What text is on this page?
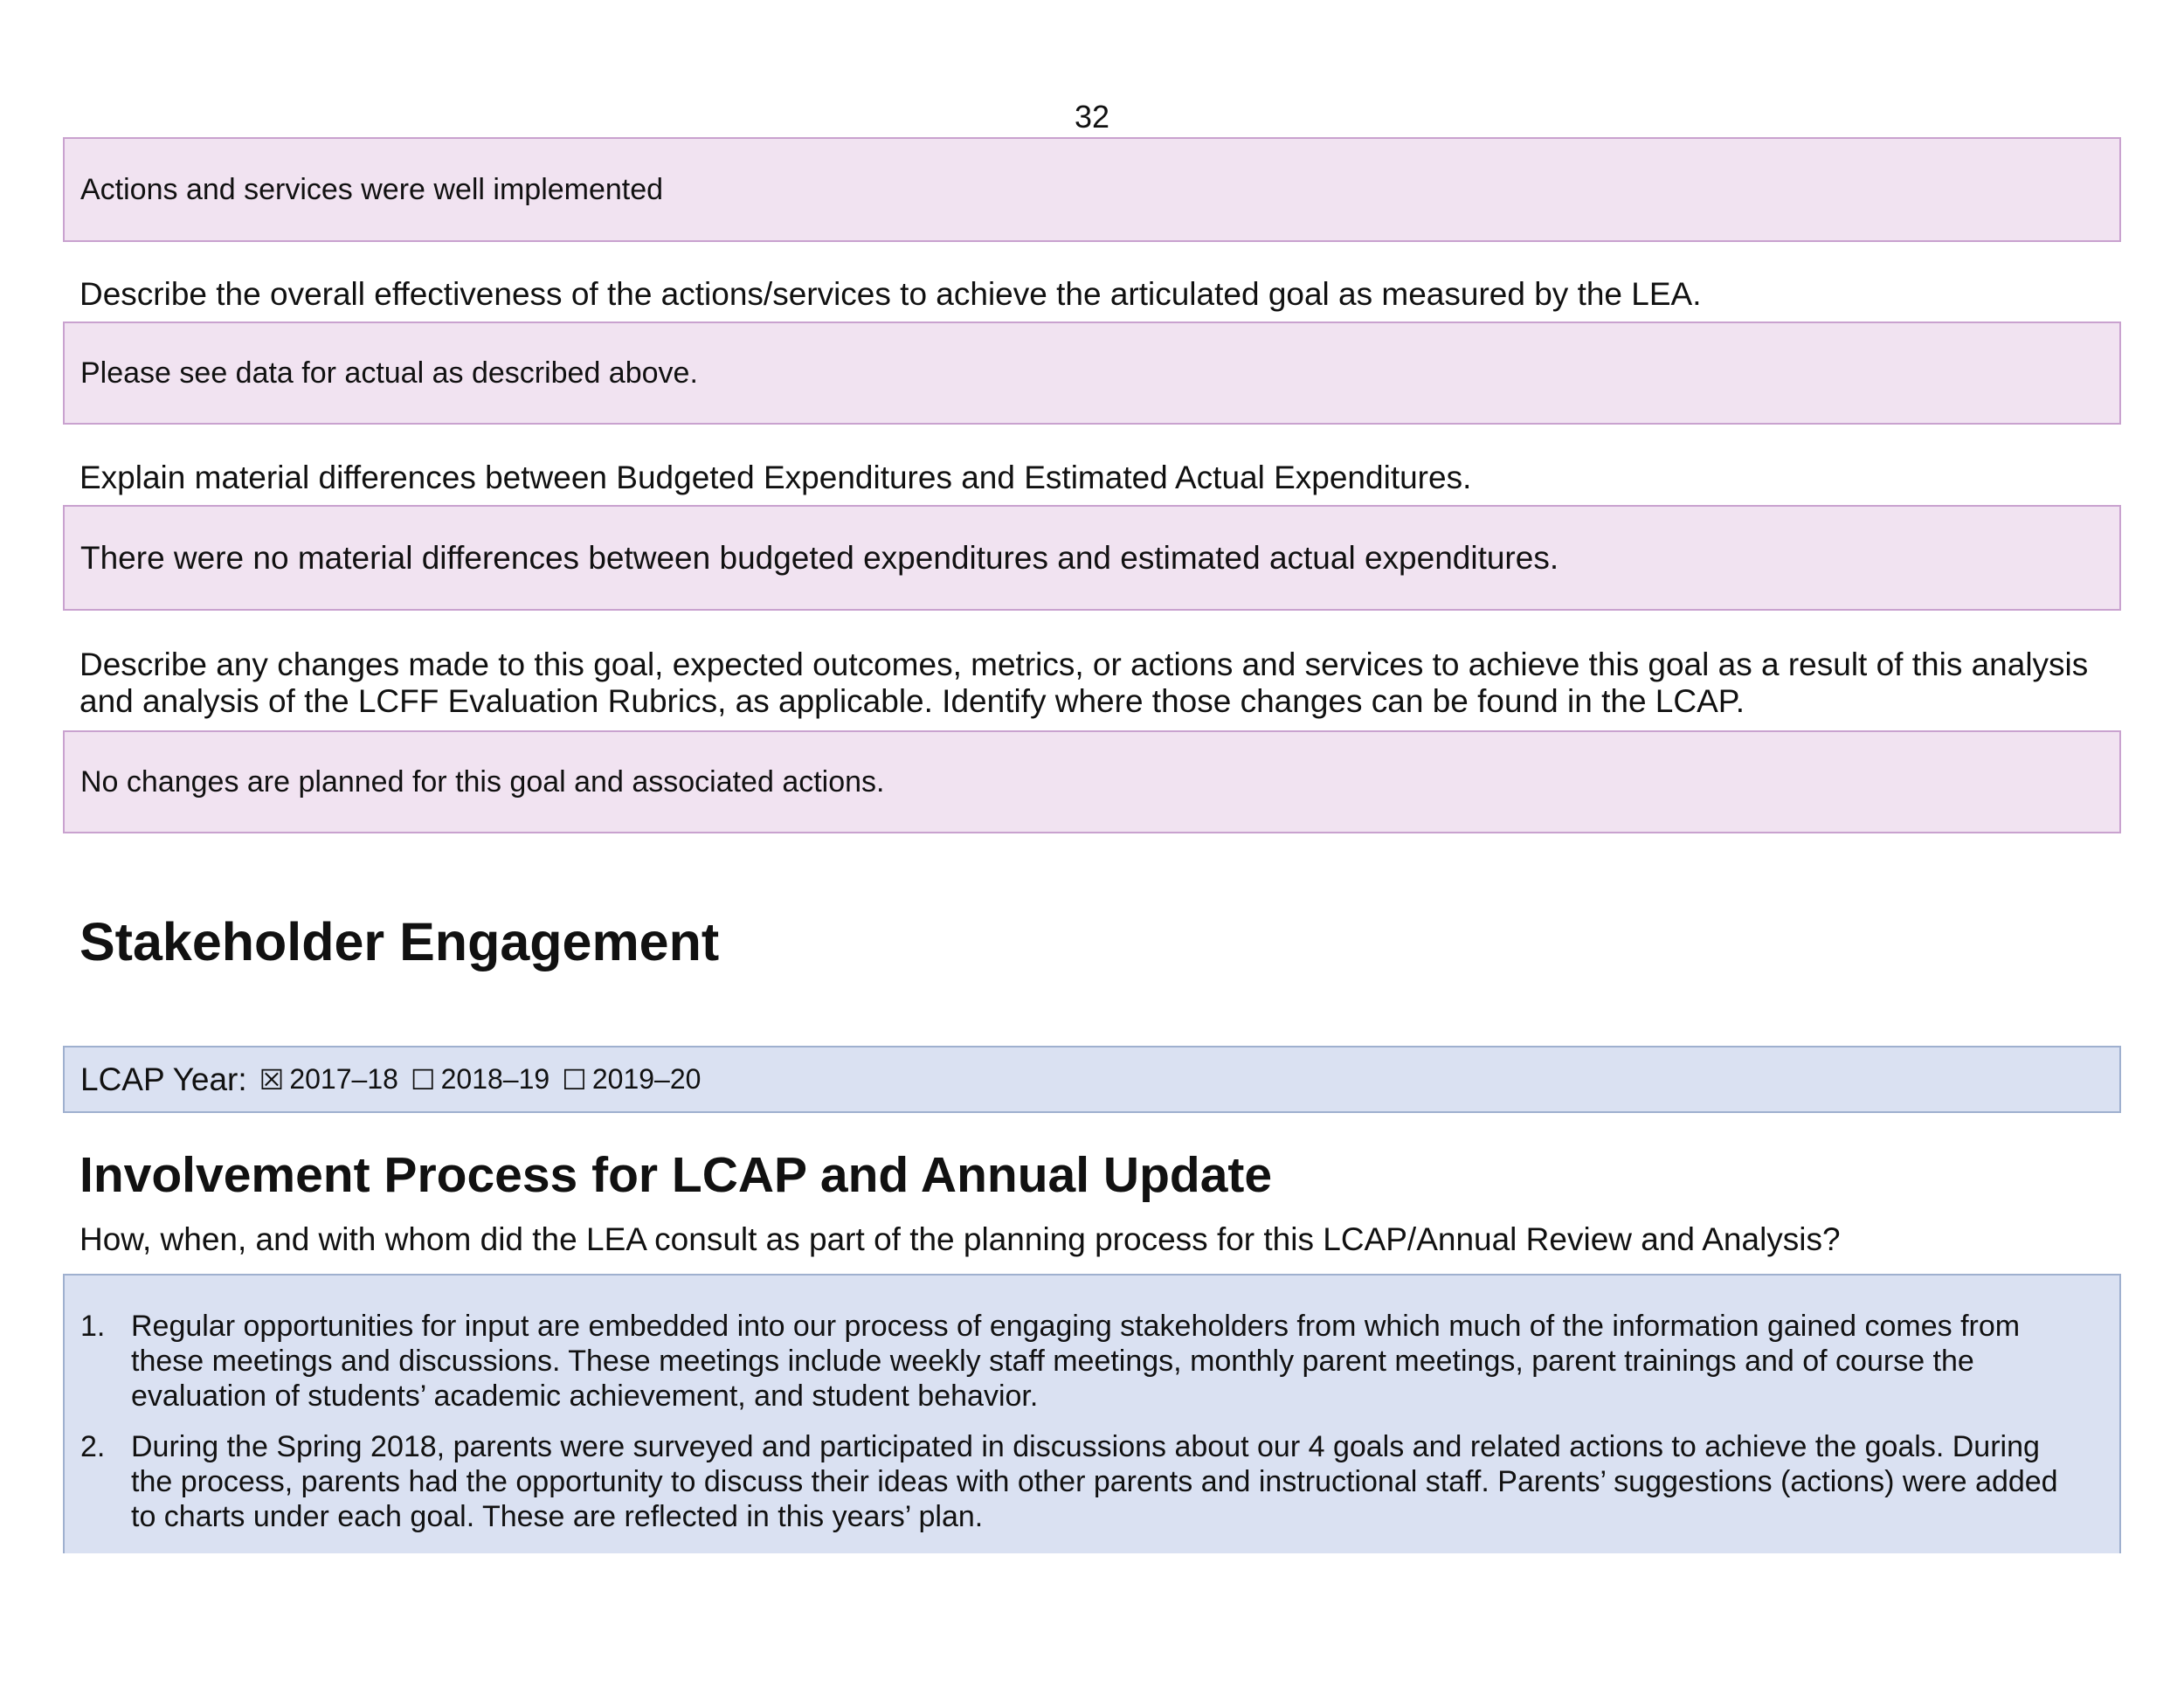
32
Actions and services were well implemented
Describe the overall effectiveness of the actions/services to achieve the articulated goal as measured by the LEA.
Please see data for actual as described above.
Explain material differences between Budgeted Expenditures and Estimated Actual Expenditures.
There were no material differences between budgeted expenditures and estimated actual expenditures.
Describe any changes made to this goal, expected outcomes, metrics, or actions and services to achieve this goal as a result of this analysis and analysis of the LCFF Evaluation Rubrics, as applicable. Identify where those changes can be found in the LCAP.
No changes are planned for this goal and associated actions.
Stakeholder Engagement
LCAP Year: ☒ 2017–18 ☐ 2018–19 ☐ 2019–20
Involvement Process for LCAP and Annual Update
How, when, and with whom did the LEA consult as part of the planning process for this LCAP/Annual Review and Analysis?
1. Regular opportunities for input are embedded into our process of engaging stakeholders from which much of the information gained comes from these meetings and discussions. These meetings include weekly staff meetings, monthly parent meetings, parent trainings and of course the evaluation of students’ academic achievement, and student behavior.
2. During the Spring 2018, parents were surveyed and participated in discussions about our 4 goals and related actions to achieve the goals. During the process, parents had the opportunity to discuss their ideas with other parents and instructional staff. Parents’ suggestions (actions) were added to charts under each goal. These are reflected in this years’ plan.
